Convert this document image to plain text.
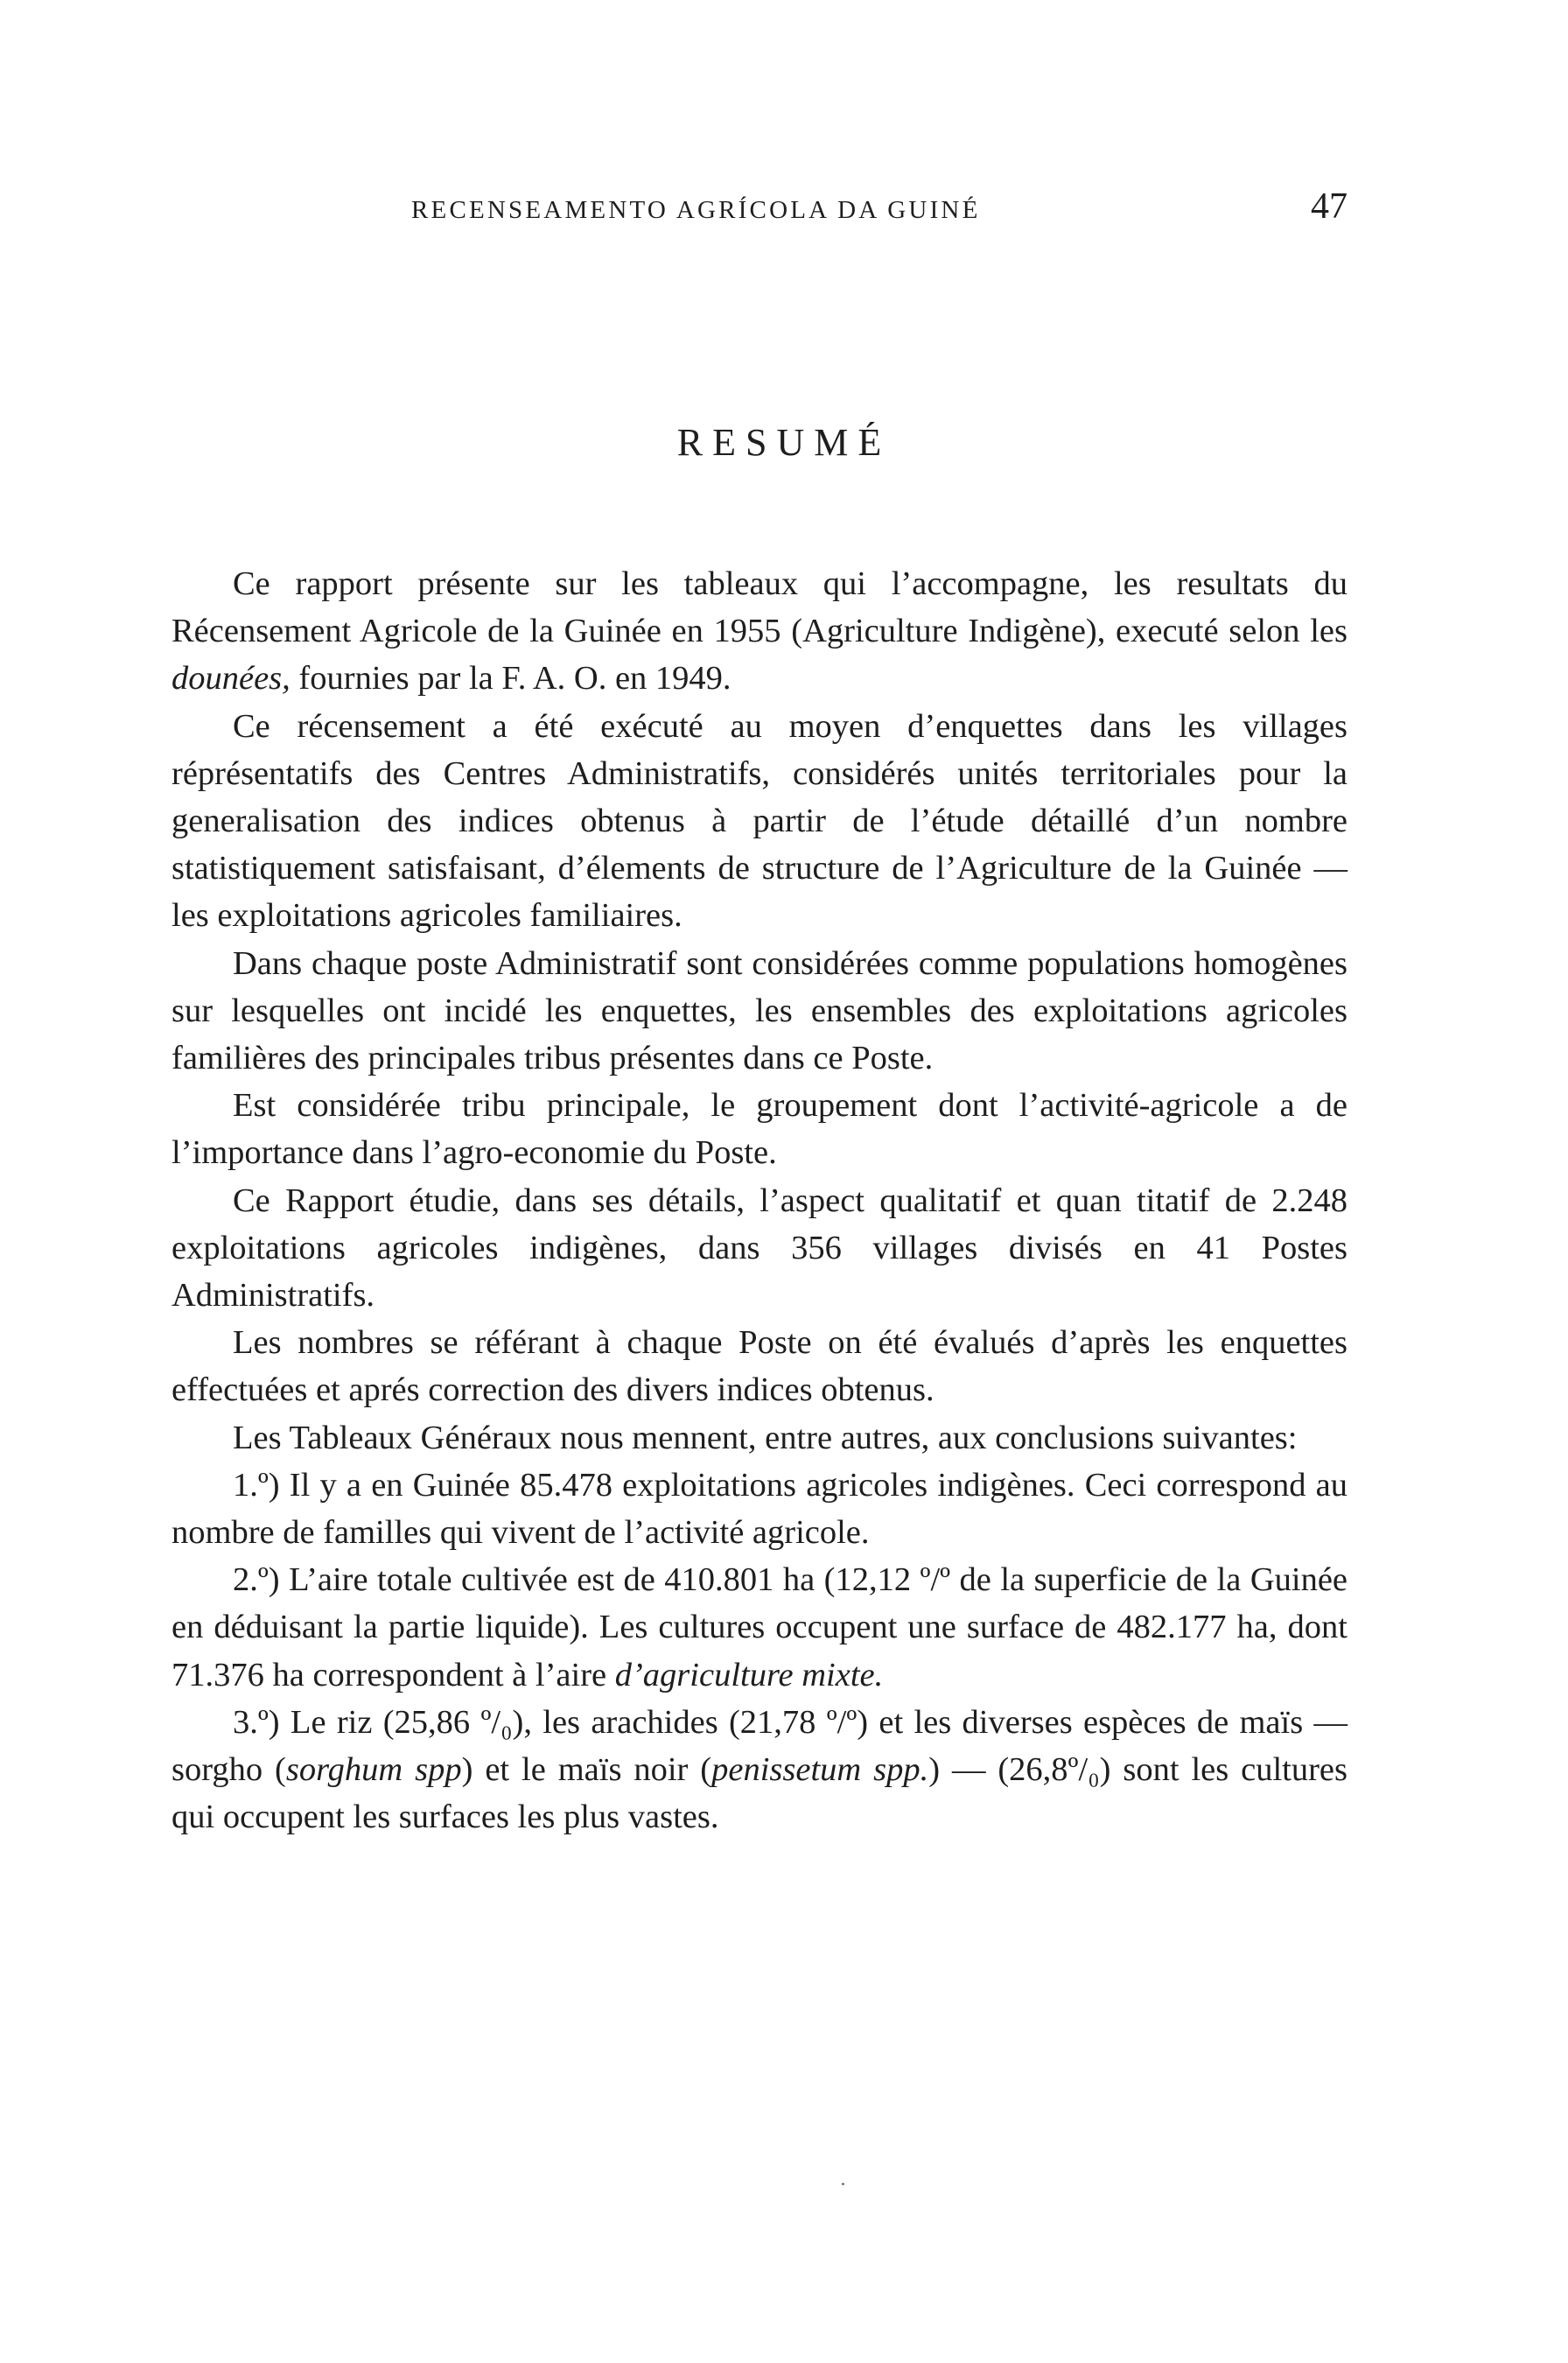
RECENSEAMENTO AGRÍCOLA DA GUINÉ	47
RESUMÉ

Ce rapport présente sur les tableaux qui l’accompagne, les resultats du Récensement Agricole de la Guinée en 1955 (Agriculture Indigène), executé selon les dounées, fournies par la F. A. O. en 1949.

Ce récensement a été exécuté au moyen d’enquettes dans les villages réprésentatifs des Centres Administratifs, considérés unités territoriales pour la generalisation des indices obtenus à partir de l’étude détaillé d’un nombre statistiquement satisfaisant, d’élements de structure de l’Agriculture de la Guinée — les exploitations agricoles familiaires.

Dans chaque poste Administratif sont considérées comme populations homogènes sur lesquelles ont incidé les enquettes, les ensembles des exploitations agricoles familières des principales tribus présentes dans ce Poste.

Est considérée tribu principale, le groupement dont l’activité-agricole a de l’importance dans l’agro-economie du Poste.

Ce Rapport étudie, dans ses détails, l’aspect qualitatif et quan titatif de 2.248 exploitations agricoles indigènes, dans 356 villages divisés en 41 Postes Administratifs.

Les nombres se référant à chaque Poste on été évalués d’après les enquettes effectuées et aprés correction des divers indices obtenus.

Les Tableaux Généraux nous mennent, entre autres, aux conclusions suivantes:

1.º) Il y a en Guinée 85.478 exploitations agricoles indigènes. Ceci correspond au nombre de familles qui vivent de l’activité agricole.

2.º) L’aire totale cultivée est de 410.801 ha (12,12 º/º de la superficie de la Guinée en déduisant la partie liquide). Les cultures occupent une surface de 482.177 ha, dont 71.376 ha correspondent à l’aire d’agriculture mixte.

3.º) Le riz (25,86 º/₀), les arachides (21,78 º/º) et les diverses espèces de maïs — sorgho (sorghum spp) et le maïs noir (penissetum spp.) — (26,8º/₀) sont les cultures qui occupent les surfaces les plus vastes.
